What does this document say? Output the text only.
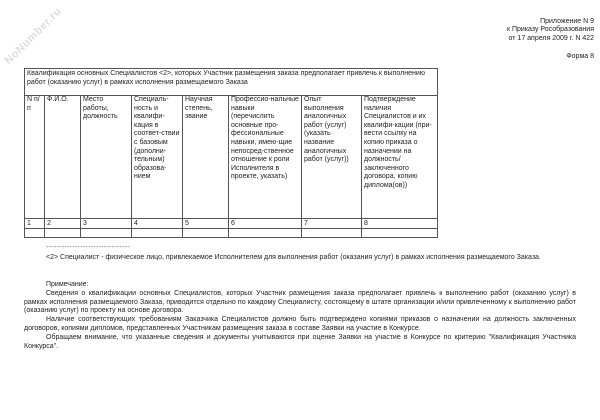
NoNumber.ru	Приложение N 9
к Приказу Рособразования
от 17 апреля 2009 г. N 422
Форма 8
Квалификация основных Специалистов <2>, которых Участник размещения заказа предполагает привлечь к выполнению работ (оказанию услуг) в рамках исполнения размещаемого Заказа							
N п/п	Ф.И.О.	Место работы, должность	Специаль-ность и квалифи-кация в соответ-ствии с базовым (дополни-тельным) образова-нием	Научная степень, звание	Профессио-нальные навыки (перечислить основные про-фессиональные навыки, имею-щие непосред-ственное отношение к роли Исполнителя в проекте, указать)	Опыт выполнения аналогичных работ (услуг) (указать название аналогичных работ (услуг))	Подтверждение наличия Специалистов и их квалифи-кации (при-вести ссылку на копию приказа о назначении на должность/ заключенного договора, копию диплома(ов))
1	2	3	4	5	6	7	8

--------------------------------
<2> Специалист - физическое лицо, привлекаемое Исполнителем для выполнения работ (оказания услуг) в рамках исполнения размещаемого Заказа.
Примечание:
Сведения о квалификации основных Специалистов, которых Участник размещения заказа предполагает привлечь к выполнению работ (оказанию услуг) в рамках исполнения размещаемого Заказа, приводится отдельно по каждому Специалисту, состоящему в штате организации и/или привлеченному к выполнению работ (оказанию услуг) по проекту на основе договора.
Наличие соответствующих требованиям Заказчика Специалистов должно быть подтверждено копиями приказов о назначении на должность заключенных договоров, копиями дипломов, представленных Участникам размещения заказа в составе Заявки на участие в Конкурсе.
Обращаем внимание, что указанные сведения и документы учитываются при оценке Заявки на участие в Конкурсе по критерию "Квалификация Участника Конкурса".
